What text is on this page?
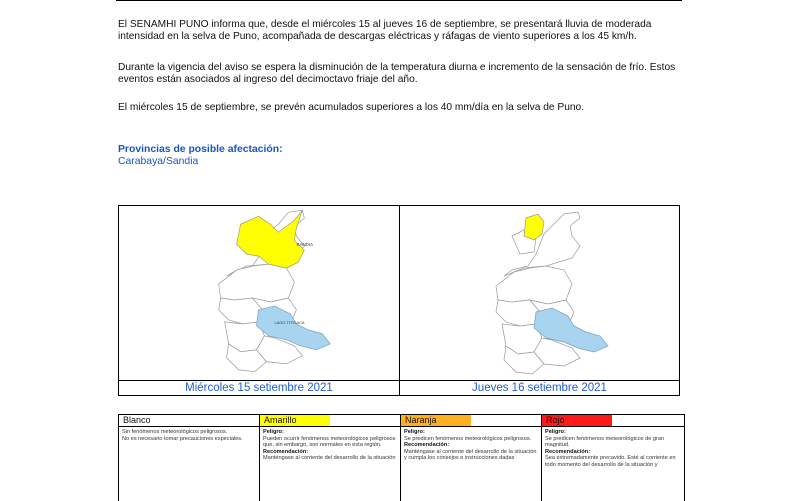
El SENAMHI PUNO informa que, desde el miércoles 15 al jueves 16 de septiembre, se presentará lluvia de moderada intensidad en la selva de Puno, acompañada de descargas eléctricas y ráfagas de viento superiores a los 45 km/h.

Durante la vigencia del aviso se espera la disminución de la temperatura diurna e incremento de la sensación de frío. Estos eventos están asociados al ingreso del decimoctavo friaje del año.

El miércoles 15 de septiembre, se prevén acumulados superiores a los 40 mm/día en la selva de Puno.

Provincias de posible afectación:
Carabaya/Sandia
SANDIA
LAGO TITICACA
Miércoles 15 setiembre 2021	Jueves 16 setiembre 2021
Blanco
Sin fenómenos meteorológicos peligrosos.
No es necesario tomar precauciones especiales.
Amarillo
Peligro:
Pueden ocurrir fenómenos meteorológicos peligrosos que, sin embargo, son normales en esta región.
Recomendación:
Manténgase al corriente del desarrollo de la situación
Naranja
Peligro:
Se predicen fenómenos meteorológicos peligrosos.
Recomendación:
Manténgase al corriente del desarrollo de la situación y cumpla los consejos e instrucciones dadas
Rojo
Peligro:
Se predicen fenómenos meteorológicos de gran magnitud.
Recomendación:
Sea extremadamente precavido. Esté al corriente en todo momento del desarrollo de la situación y
